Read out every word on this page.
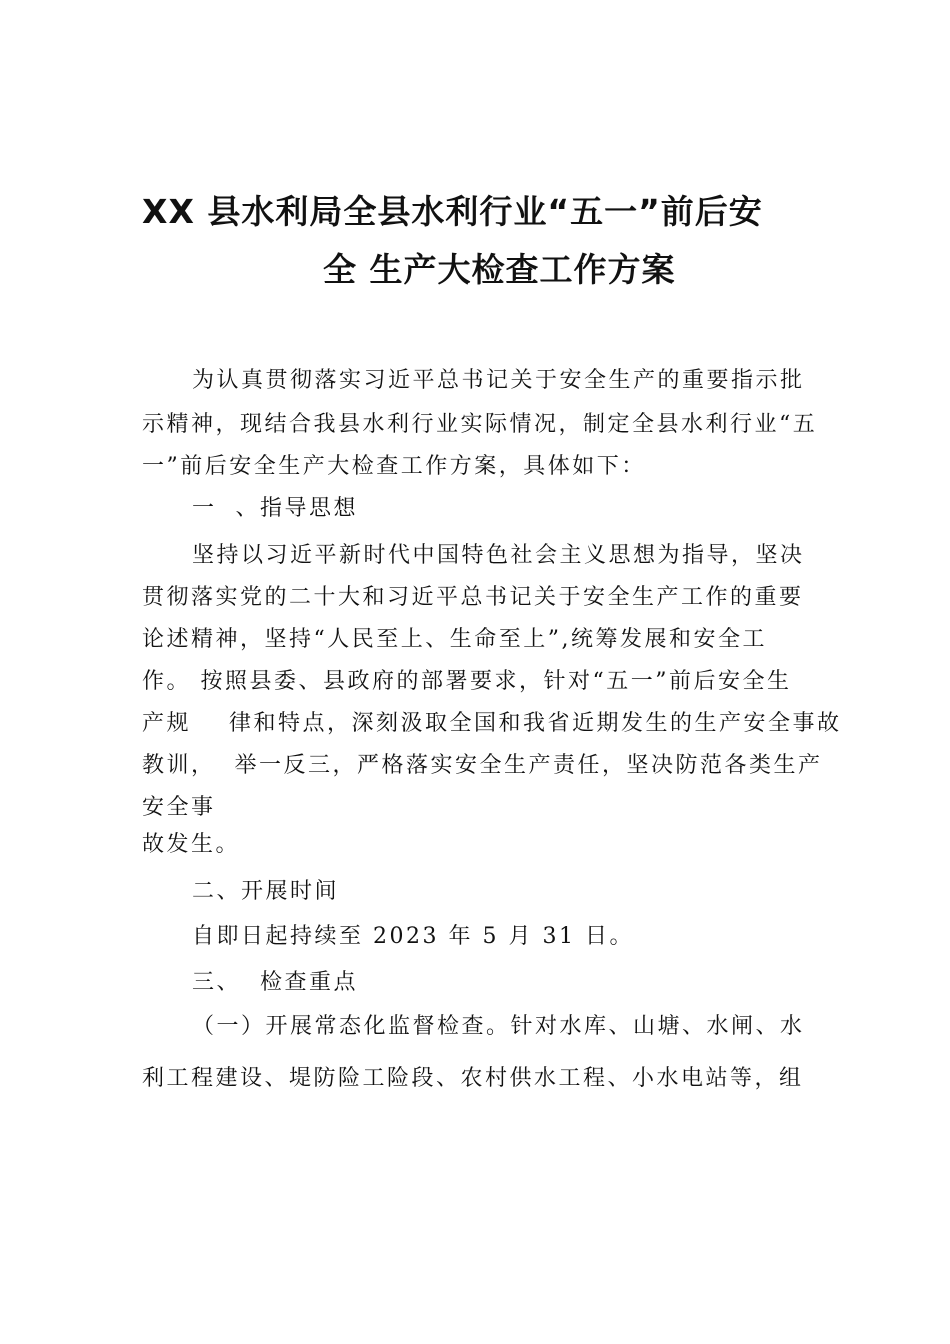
XX 县水利局全县水利行业“五一”前后安
全 生产大检查工作方案
为认真贯彻落实习近平总书记关于安全生产的重要指示批
示精神，现结合我县水利行业实际情况，制定全县水利行业“五
一”前后安全生产大检查工作方案，具体如下：
一  、指导思想
坚持以习近平新时代中国特色社会主义思想为指导，坚决
贯彻落实党的二十大和习近平总书记关于安全生产工作的重要
论述精神，坚持“人民至上、生命至上”,统筹发展和安全工
作。 按照县委、县政府的部署要求，针对“五一”前后安全生
产规    律和特点，深刻汲取全国和我省近期发生的生产安全事故
教训，  举一反三，严格落实安全生产责任，坚决防范各类生产
安全事
故发生。
二、开展时间
自即日起持续至 2023 年 5 月 31 日。
三、  检查重点
（一）开展常态化监督检查。针对水库、山塘、水闸、水
利工程建设、堤防险工险段、农村供水工程、小水电站等，组
